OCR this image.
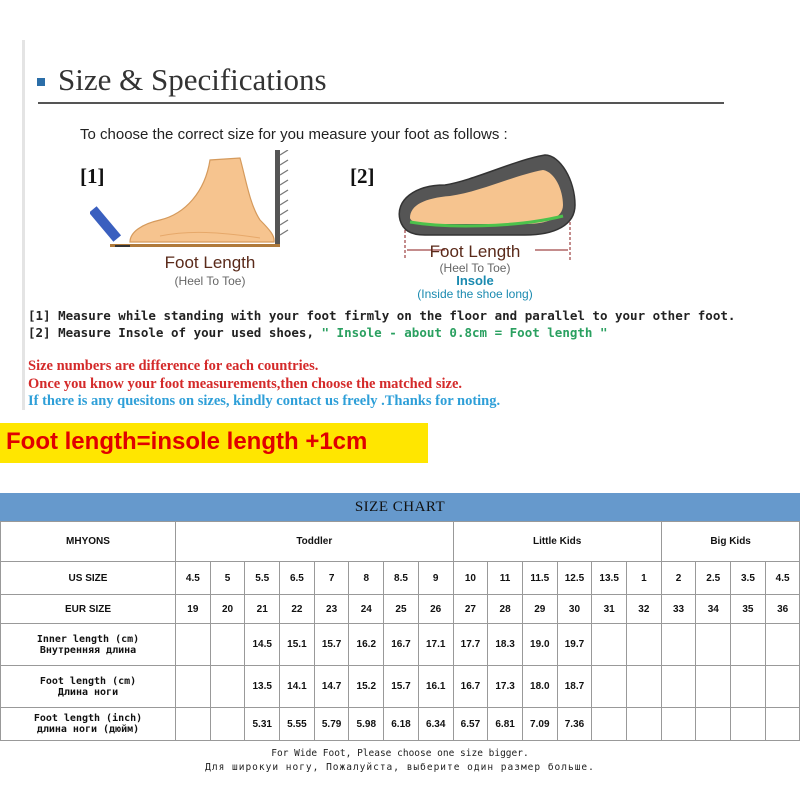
Size & Specifications
To choose the correct size for you measure your foot as follows :
[1]	[2]
Foot Length
(Heel To Toe)
Foot Length
(Heel To Toe)
Insole
(Inside the shoe long)
[1] Measure while standing with your foot firmly on the floor and parallel to your other foot.
[2] Measure Insole of your used shoes, " Insole - about 0.8cm = Foot length "
Size numbers are difference for each countries.
Once you know your foot measurements,then choose the matched size.
If there is any quesitons on sizes, kindly contact us freely .Thanks for noting.
Foot length=insole length +1cm
SIZE CHART
MHYONS	Toddler								Little Kids						Big Kids			
US SIZE	4.5	5	5.5	6.5	7	8	8.5	9	10	11	11.5	12.5	13.5	1	2	2.5	3.5	4.5
EUR SIZE	19	20	21	22	23	24	25	26	27	28	29	30	31	32	33	34	35	36
Inner length (cm)
Внутренняя длина			14.5	15.1	15.7	16.2	16.7	17.1	17.7	18.3	19.0	19.7						
Foot length (cm)
Длина ноги			13.5	14.1	14.7	15.2	15.7	16.1	16.7	17.3	18.0	18.7						
Foot length (inch)
длина ноги (дюйм)			5.31	5.55	5.79	5.98	6.18	6.34	6.57	6.81	7.09	7.36						
For Wide Foot, Please choose one size bigger.
Для широкуи ногу, Пожалуйста, выберите один размер больше.
